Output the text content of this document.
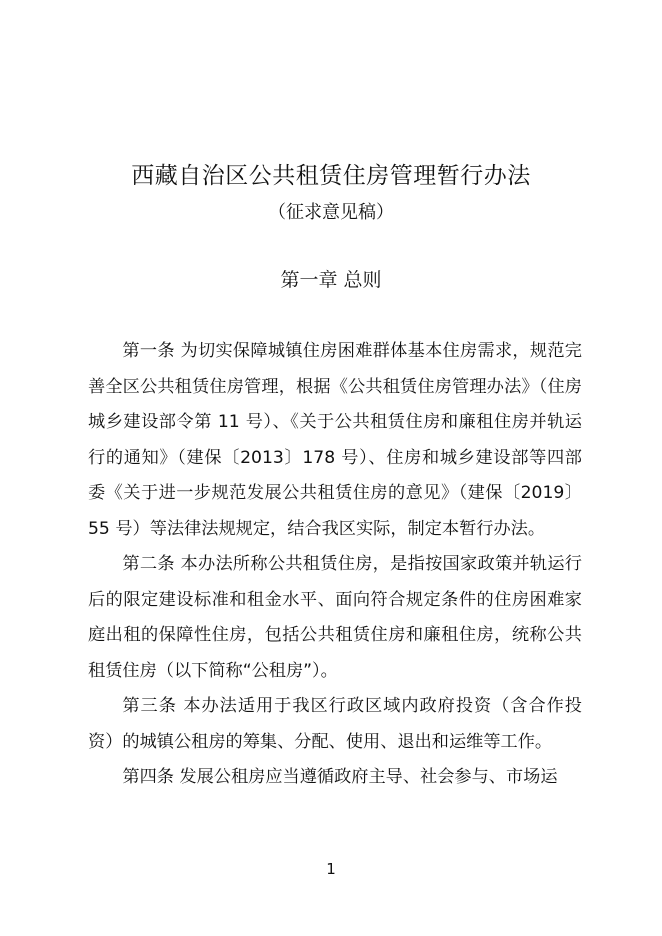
西藏自治区公共租赁住房管理暂行办法
（征求意见稿）
第一章 总则

第一条 为切实保障城镇住房困难群体基本住房需求，规范完善全区公共租赁住房管理，根据《公共租赁住房管理办法》（住房城乡建设部令第 11 号）、《关于公共租赁住房和廉租住房并轨运行的通知》（建保〔2013〕178 号）、住房和城乡建设部等四部委《关于进一步规范发展公共租赁住房的意见》（建保〔2019〕55 号）等法律法规规定，结合我区实际，制定本暂行办法。

第二条 本办法所称公共租赁住房，是指按国家政策并轨运行后的限定建设标准和租金水平、面向符合规定条件的住房困难家庭出租的保障性住房，包括公共租赁住房和廉租住房，统称公共租赁住房（以下简称“公租房”）。

第三条 本办法适用于我区行政区域内政府投资（含合作投资）的城镇公租房的筹集、分配、使用、退出和运维等工作。

第四条 发展公租房应当遵循政府主导、社会参与、市场运

1
